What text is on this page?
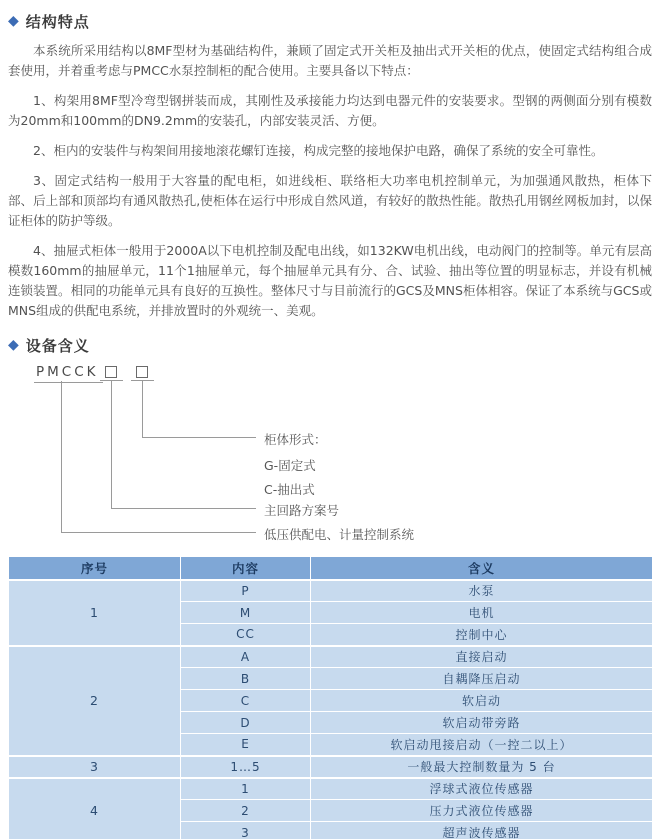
◆ 结构特点

本系统所采用结构以8MF型材为基础结构件，兼顾了固定式开关柜及抽出式开关柜的优点，使固定式结构组合成套使用，并着重考虑与PMCC水泵控制柜的配合使用。主要具备以下特点：

1、构架用8MF型冷弯型钢拼装而成，其刚性及承接能力均达到电器元件的安装要求。型钢的两侧面分别有模数为20mm和100mm的DN9.2mm的安装孔，内部安装灵活、方便。

2、柜内的安装件与构架间用接地滚花螺钉连接，构成完整的接地保护电路，确保了系统的安全可靠性。

3、固定式结构一般用于大容量的配电柜，如进线柜、联络柜大功率电机控制单元，为加强通风散热，柜体下部、后上部和顶部均有通风散热孔,使柜体在运行中形成自然风道，有较好的散热性能。散热孔用钢丝网板加封，以保证柜体的防护等级。

4、抽屉式柜体一般用于2000A以下电机控制及配电出线，如132KW电机出线，电动阀门的控制等。单元有层高模数160mm的抽屉单元，11个1抽屉单元，每个抽屉单元具有分、合、试验、抽出等位置的明显标志，并设有机械连锁装置。相同的功能单元具有良好的互换性。整体尺寸与目前流行的GCS及MNS柜体相容。保证了本系统与GCS或MNS组成的供配电系统，并排放置时的外观统一、美观。

◆ 设备含义
PMCCK
柜体形式：
G-固定式
C-抽出式
主回路方案号
低压供配电、计量控制系统
序号	内容	含义
1	P	水泵
	M	电机
	CC	控制中心
2	A	直接启动
	B	自耦降压启动
	C	软启动
	D	软启动带旁路
	E	软启动甩接启动（一控二以上）
3	1…5	一般最大控制数量为 5 台
4	1	浮球式液位传感器
	2	压力式液位传感器
	3	超声波传感器
